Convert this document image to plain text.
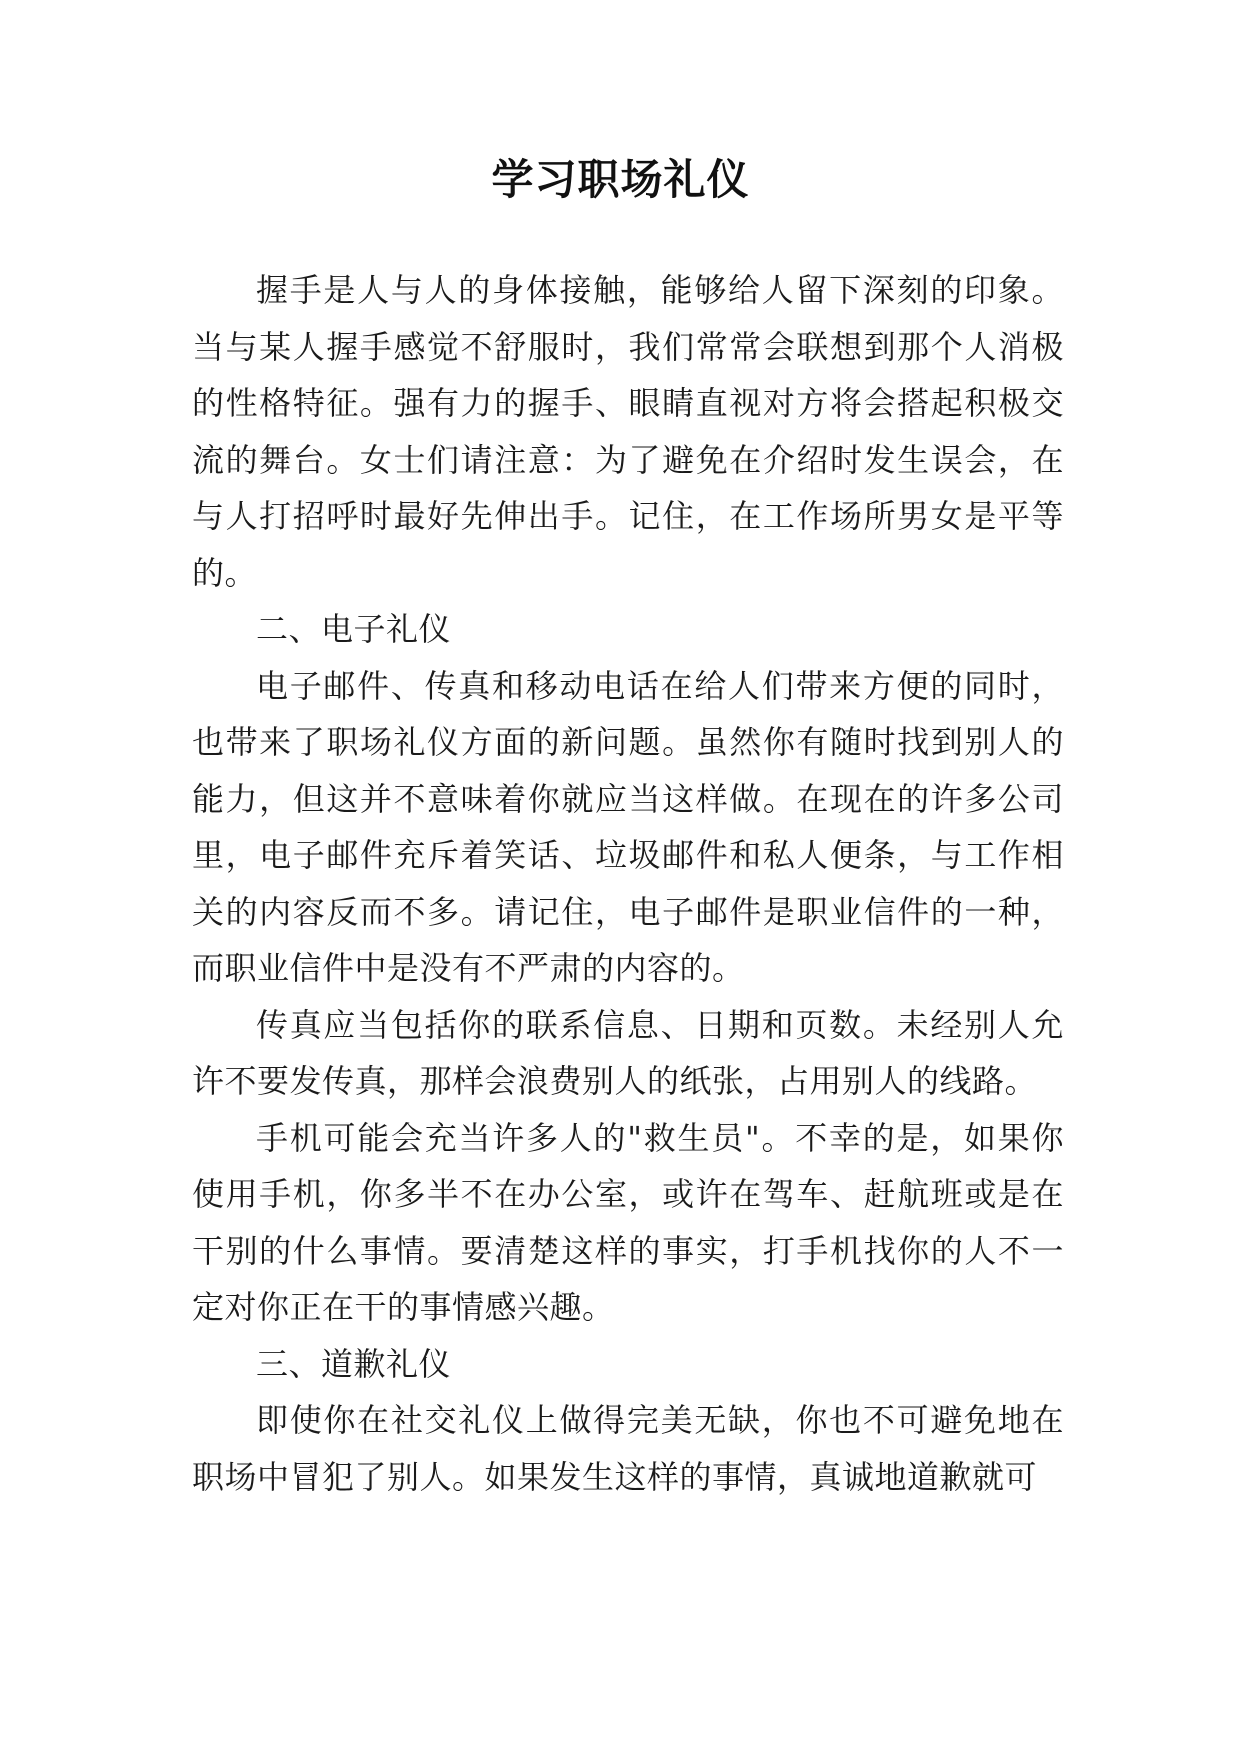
学习职场礼仪

握手是人与人的身体接触，能够给人留下深刻的印象。当与某人握手感觉不舒服时，我们常常会联想到那个人消极的性格特征。强有力的握手、眼睛直视对方将会搭起积极交流的舞台。女士们请注意：为了避免在介绍时发生误会，在与人打招呼时最好先伸出手。记住，在工作场所男女是平等的。

二、电子礼仪

电子邮件、传真和移动电话在给人们带来方便的同时，也带来了职场礼仪方面的新问题。虽然你有随时找到别人的能力，但这并不意味着你就应当这样做。在现在的许多公司里，电子邮件充斥着笑话、垃圾邮件和私人便条，与工作相关的内容反而不多。请记住，电子邮件是职业信件的一种，而职业信件中是没有不严肃的内容的。

传真应当包括你的联系信息、日期和页数。未经别人允许不要发传真，那样会浪费别人的纸张，占用别人的线路。

手机可能会充当许多人的"救生员"。不幸的是，如果你使用手机，你多半不在办公室，或许在驾车、赶航班或是在干别的什么事情。要清楚这样的事实，打手机找你的人不一定对你正在干的事情感兴趣。

三、道歉礼仪

即使你在社交礼仪上做得完美无缺，你也不可避免地在职场中冒犯了别人。如果发生这样的事情，真诚地道歉就可
